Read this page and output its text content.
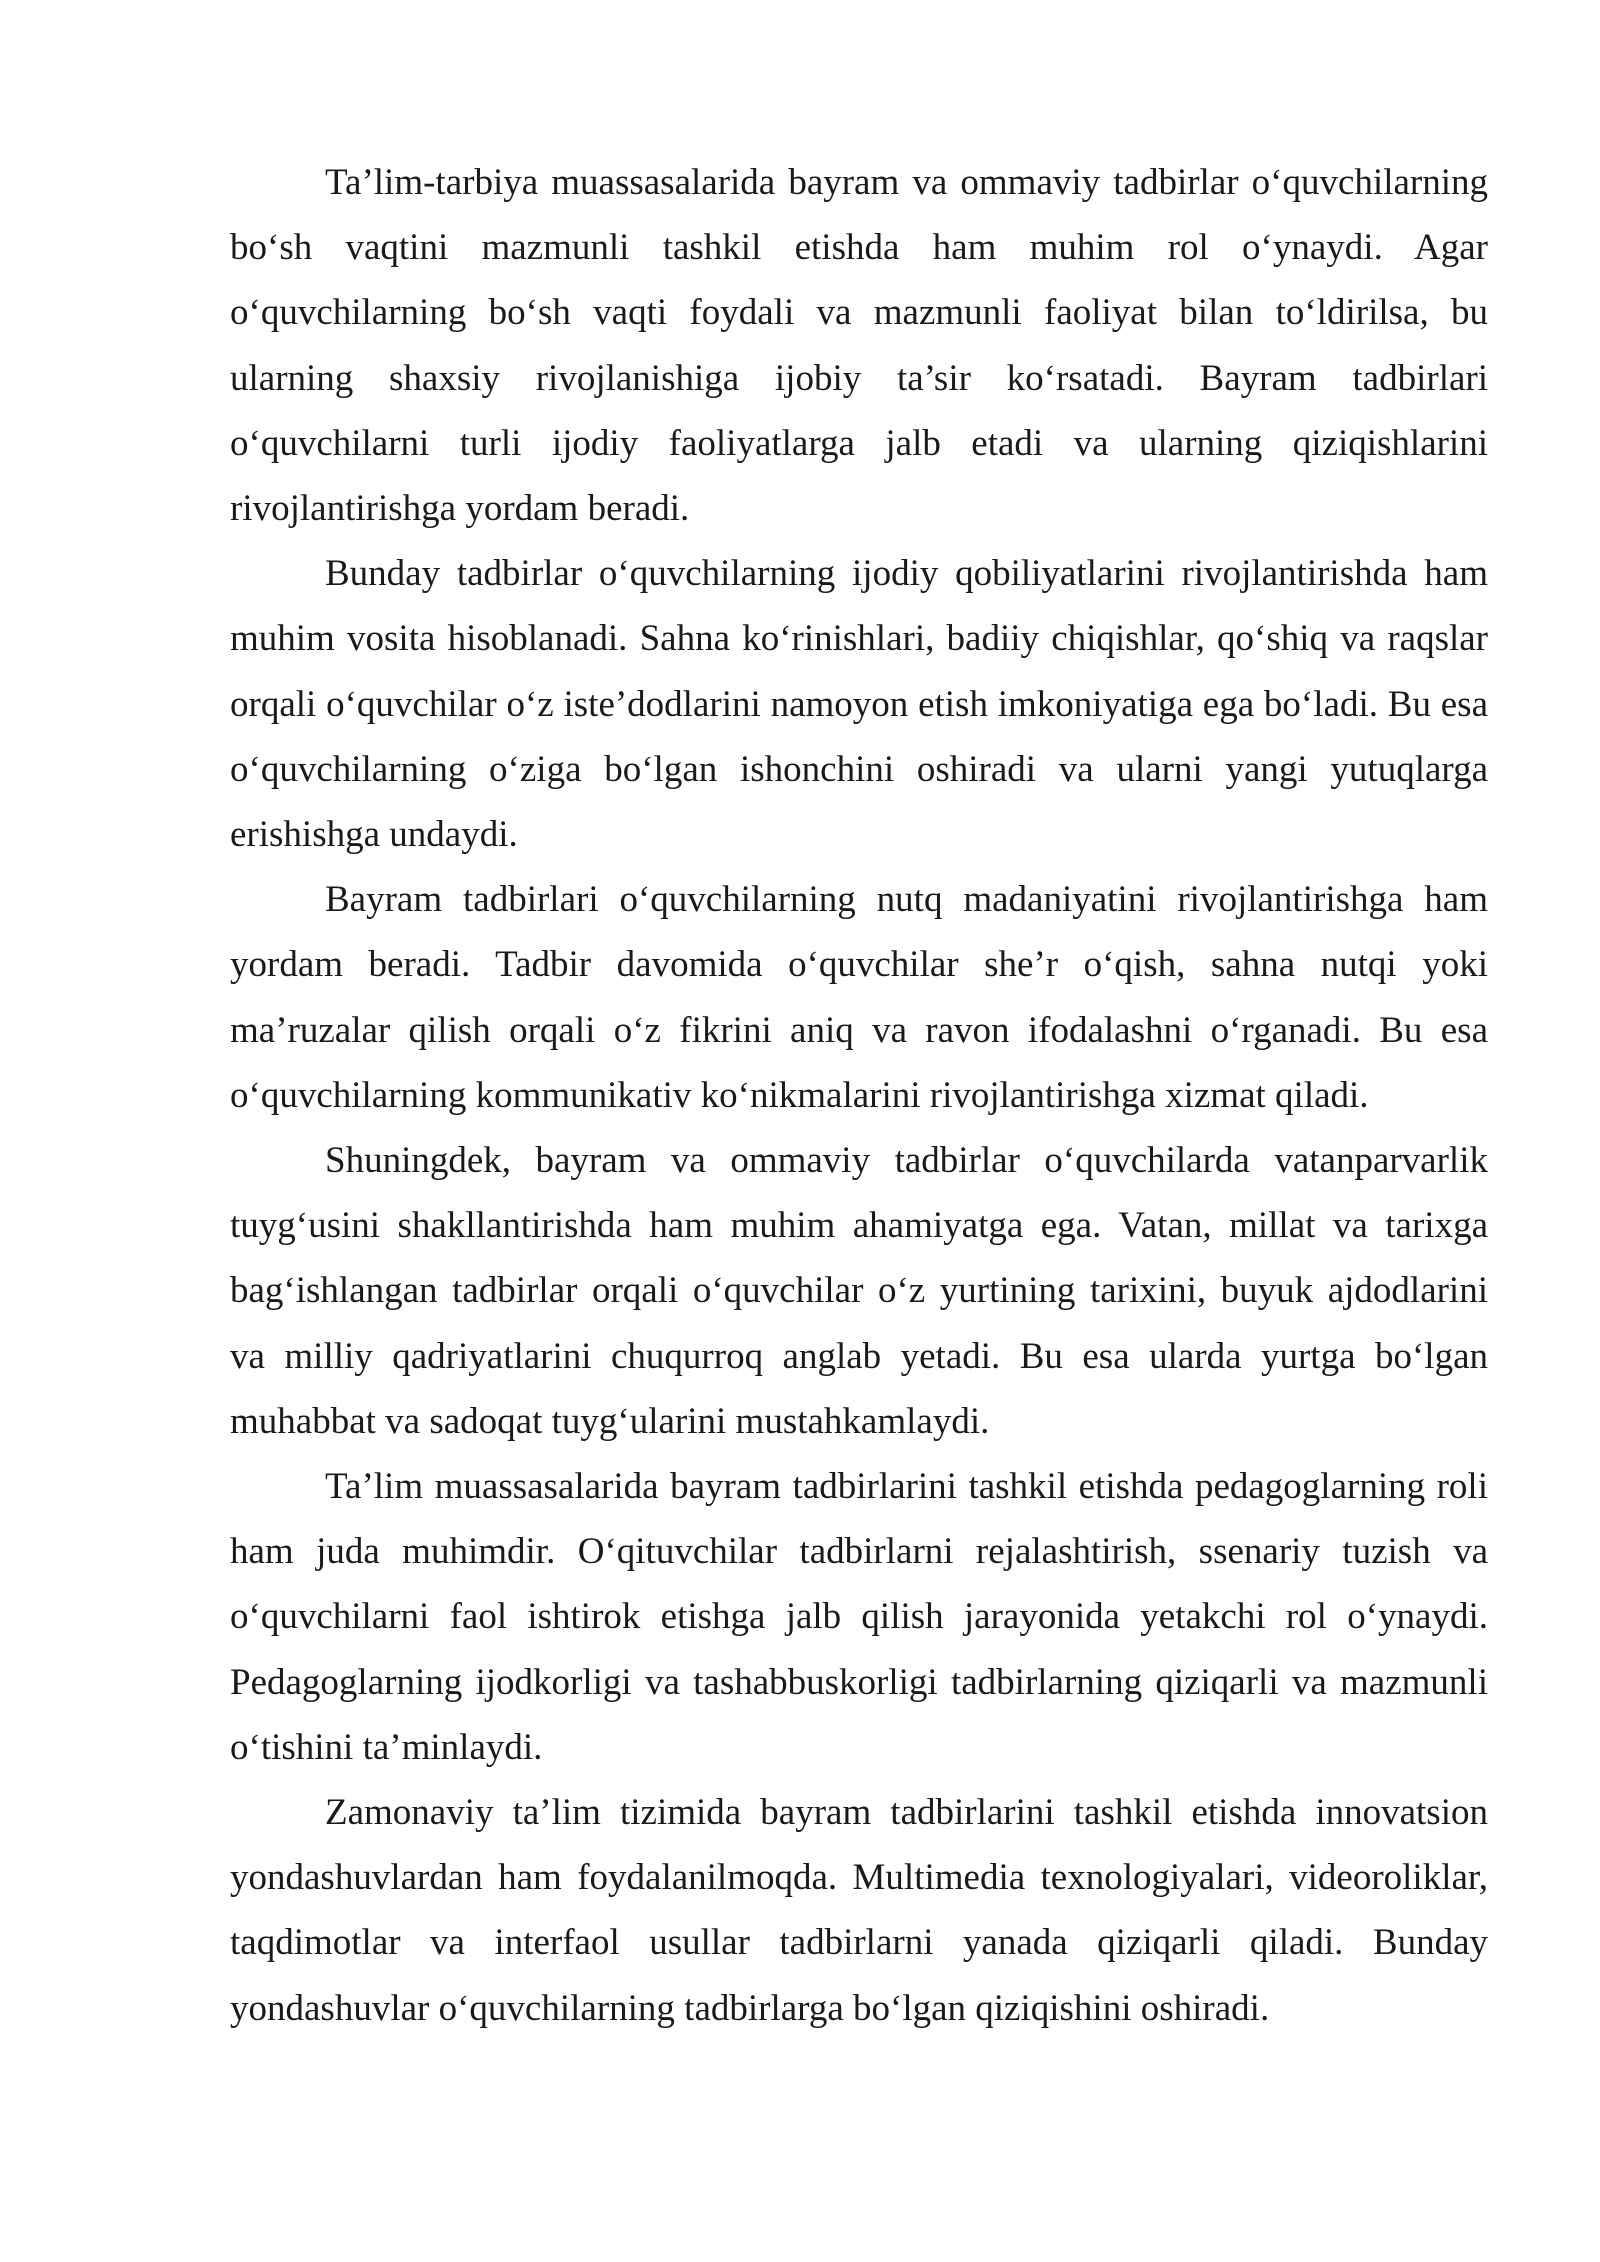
Ta’lim-tarbiya muassasalarida bayram va ommaviy tadbirlar o‘quvchilarning bo‘sh vaqtini mazmunli tashkil etishda ham muhim rol o‘ynaydi. Agar o‘quvchilarning bo‘sh vaqti foydali va mazmunli faoliyat bilan to‘ldirilsa, bu ularning shaxsiy rivojlanishiga ijobiy ta’sir ko‘rsatadi. Bayram tadbirlari o‘quvchilarni turli ijodiy faoliyatlarga jalb etadi va ularning qiziqishlarini rivojlantirishga yordam beradi.

Bunday tadbirlar o‘quvchilarning ijodiy qobiliyatlarini rivojlantirishda ham muhim vosita hisoblanadi. Sahna ko‘rinishlari, badiiy chiqishlar, qo‘shiq va raqslar orqali o‘quvchilar o‘z iste’dodlarini namoyon etish imkoniyatiga ega bo‘ladi. Bu esa o‘quvchilarning o‘ziga bo‘lgan ishonchini oshiradi va ularni yangi yutuqlarga erishishga undaydi.

Bayram tadbirlari o‘quvchilarning nutq madaniyatini rivojlantirishga ham yordam beradi. Tadbir davomida o‘quvchilar she’r o‘qish, sahna nutqi yoki ma’ruzalar qilish orqali o‘z fikrini aniq va ravon ifodalashni o‘rganadi. Bu esa o‘quvchilarning kommunikativ ko‘nikmalarini rivojlantirishga xizmat qiladi.

Shuningdek, bayram va ommaviy tadbirlar o‘quvchilarda vatanparvarlik tuyg‘usini shakllantirishda ham muhim ahamiyatga ega. Vatan, millat va tarixga bag‘ishlangan tadbirlar orqali o‘quvchilar o‘z yurtining tarixini, buyuk ajdodlarini va milliy qadriyatlarini chuqurroq anglab yetadi. Bu esa ularda yurtga bo‘lgan muhabbat va sadoqat tuyg‘ularini mustahkamlaydi.

Ta’lim muassasalarida bayram tadbirlarini tashkil etishda pedagoglarning roli ham juda muhimdir. O‘qituvchilar tadbirlarni rejalashtirish, ssenariy tuzish va o‘quvchilarni faol ishtirok etishga jalb qilish jarayonida yetakchi rol o‘ynaydi. Pedagoglarning ijodkorligi va tashabbuskorligi tadbirlarning qiziqarli va mazmunli o‘tishini ta’minlaydi.

Zamonaviy ta’lim tizimida bayram tadbirlarini tashkil etishda innovatsion yondashuvlardan ham foydalanilmoqda. Multimedia texnologiyalari, videoroliklar, taqdimotlar va interfaol usullar tadbirlarni yanada qiziqarli qiladi. Bunday yondashuvlar o‘quvchilarning tadbirlarga bo‘lgan qiziqishini oshiradi.
